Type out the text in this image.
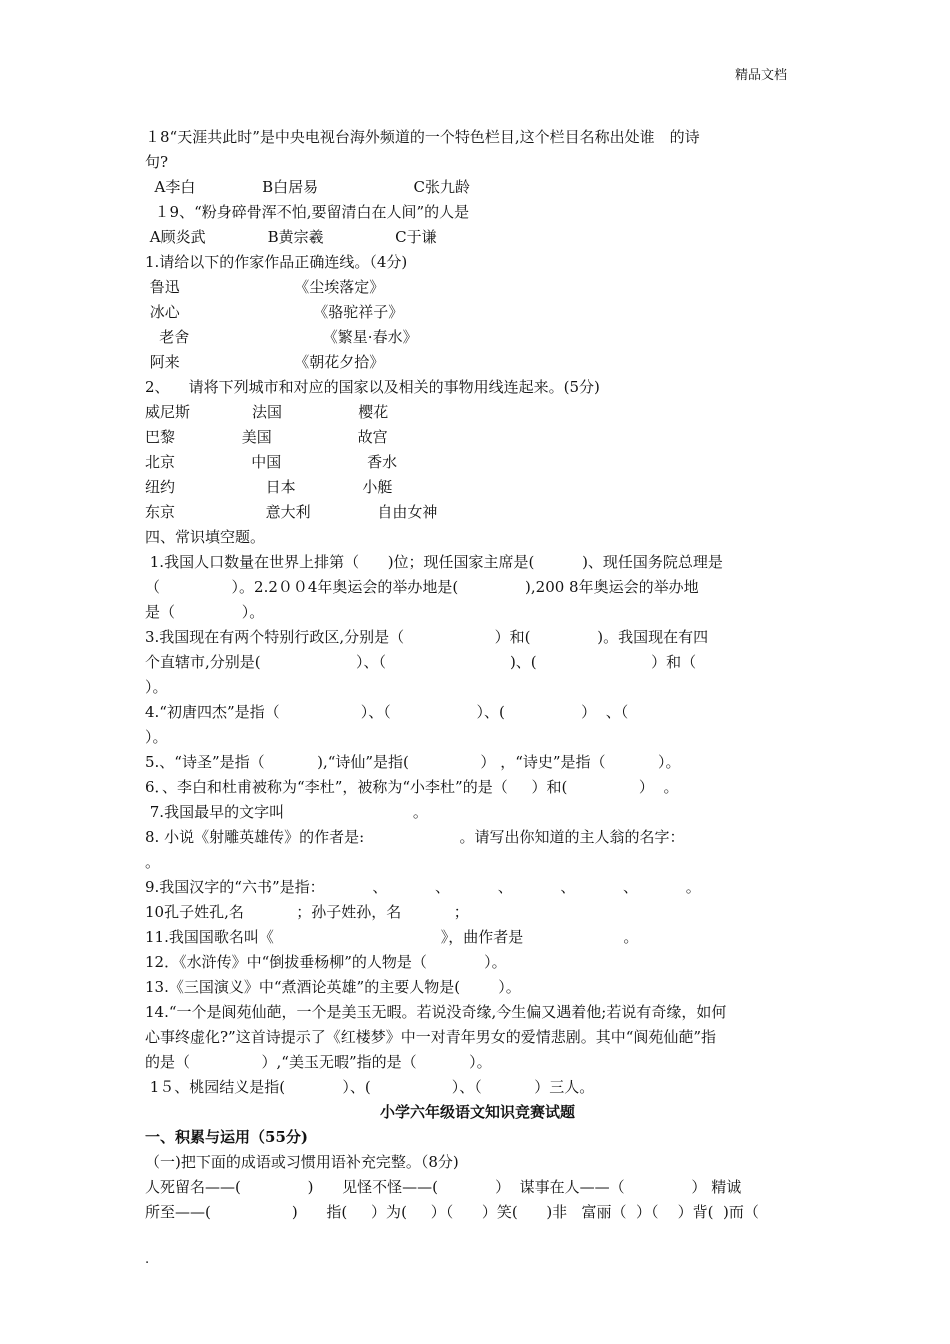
精品文档
１8“天涯共此时”是中央电视台海外频道的一个特色栏目,这个栏目名称出处谁　的诗
句?
A李白              B白居易                    C张九龄
１9、“粉身碎骨浑不怕,要留清白在人间”的人是
A顾炎武             B黄宗羲               C于谦
1.请给以下的作家作品正确连线。（4分)
鲁迅                        《尘埃落定》
冰心                            《骆驼祥子》
老舍                            《繁星·春水》
阿来                        《朝花夕拾》
2、    请将下列城市和对应的国家以及相关的事物用线连起来。(5分)
威尼斯             法国                樱花
巴黎              美国                  故宫
北京                中国                  香水
纽约                   日本              小艇
东京                   意大利              自由女神
四、常识填空题。
1.我国人口数量在世界上排第（      )位；现任国家主席是(          )、现任国务院总理是
（               ）。2.2００4年奥运会的举办地是(              ),200 8年奥运会的举办地
是（              ）。
3.我国现在有两个特别行政区,分别是（                   ）和(              )。我国现在有四
个直辖市,分别是(                    ）、（                          )、(                        ）和（
）。
4.“初唐四杰”是指（                 ）、（                  ）、(                ）  、（
）。
5.、“诗圣”是指（           ),“诗仙”是指(               ） ，“诗史”是指（           ）。
6．、李白和杜甫被称为“李杜”，被称为“小李杜”的是（     ）和(               ）  。
7.我国最早的文字叫                           。
8. 小说《射雕英雄传》的作者是:                    。请写出你知道的主人翁的名字：
。
9.我国汉字的“六书”是指：          、          、          、          、          、          。
10孔子姓孔,名           ；孙子姓孙，名           ；
11.我国国歌名叫《                                   》，曲作者是                     。
12．《水浒传》中“倒拔垂杨柳”的人物是（            ）。
13.《三国演义》中“煮酒论英雄”的主要人物是(        ）。
14.“一个是阆苑仙葩，一个是美玉无暇。若说没奇缘,今生偏又遇着他;若说有奇缘，如何
心事终虚化?”这首诗提示了《红楼梦》中一对青年男女的爱情悲剧。其中“阆苑仙葩”指
的是（               ）,“美玉无暇”指的是（           ）。
1５、桃园结义是指(            ）、(                 ）、（           ）三人。
小学六年级语文知识竞赛试题
一、积累与运用（55分)
（一)把下面的成语或习惯用语补充完整。（8分)
人死留名——(              )      见怪不怪——(            ）  谋事在人——（              ） 精诚
所至——(                 )      指(     ）为(     ）（      ）笑(      )非   富丽（  ）（    ）背(  )而（
.
